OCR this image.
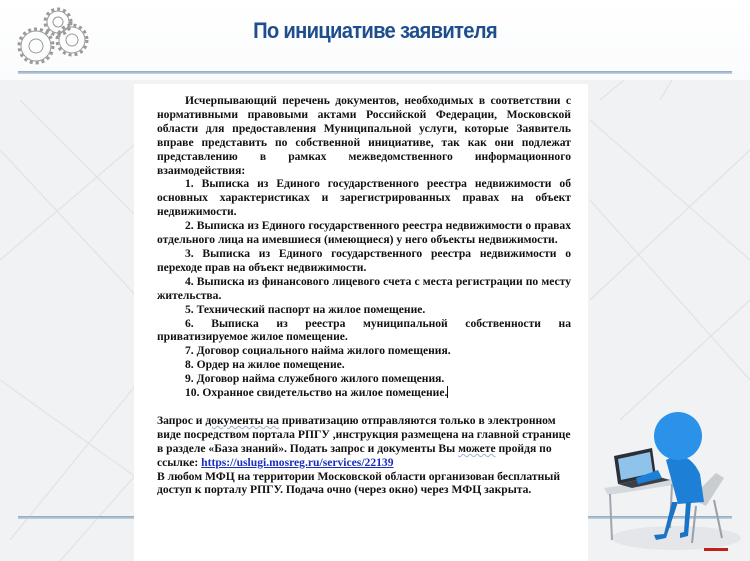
По инициативе заявителя

Исчерпывающий перечень документов, необходимых в соответствии с нормативными правовыми актами Российской Федерации, Московской области для предоставления Муниципальной услуги, которые Заявитель вправе представить по собственной инициативе, так как они подлежат представлению в рамках межведомственного информационного взаимодействия:

1. Выписка из Единого государственного реестра недвижимости об основных характеристиках и зарегистрированных правах на объект недвижимости.

2. Выписка из Единого государственного реестра недвижимости о правах отдельного лица на имевшиеся (имеющиеся) у него объекты недвижимости.

3. Выписка из Единого государственного реестра недвижимости о переходе прав на объект недвижимости.

4. Выписка из финансового лицевого счета с места регистрации по месту жительства.

5. Технический паспорт на жилое помещение.

6. Выписка из реестра муниципальной собственности на приватизируемое жилое помещение.

7. Договор социального найма жилого помещения.

8. Ордер на жилое помещение.

9. Договор найма служебного жилого помещения.

10. Охранное свидетельство на жилое помещение.

Запрос и документы на приватизацию отправляются только в электронном виде посредством портала РПГУ ,инструкция размещена на главной странице в разделе «База знаний». Подать запрос и документы Вы можете пройдя по
ссылке: https://uslugi.mosreg.ru/services/22139

В любом МФЦ на территории Московской области организован бесплатный доступ к порталу РПГУ. Подача очно (через окно) через МФЦ закрыта.
